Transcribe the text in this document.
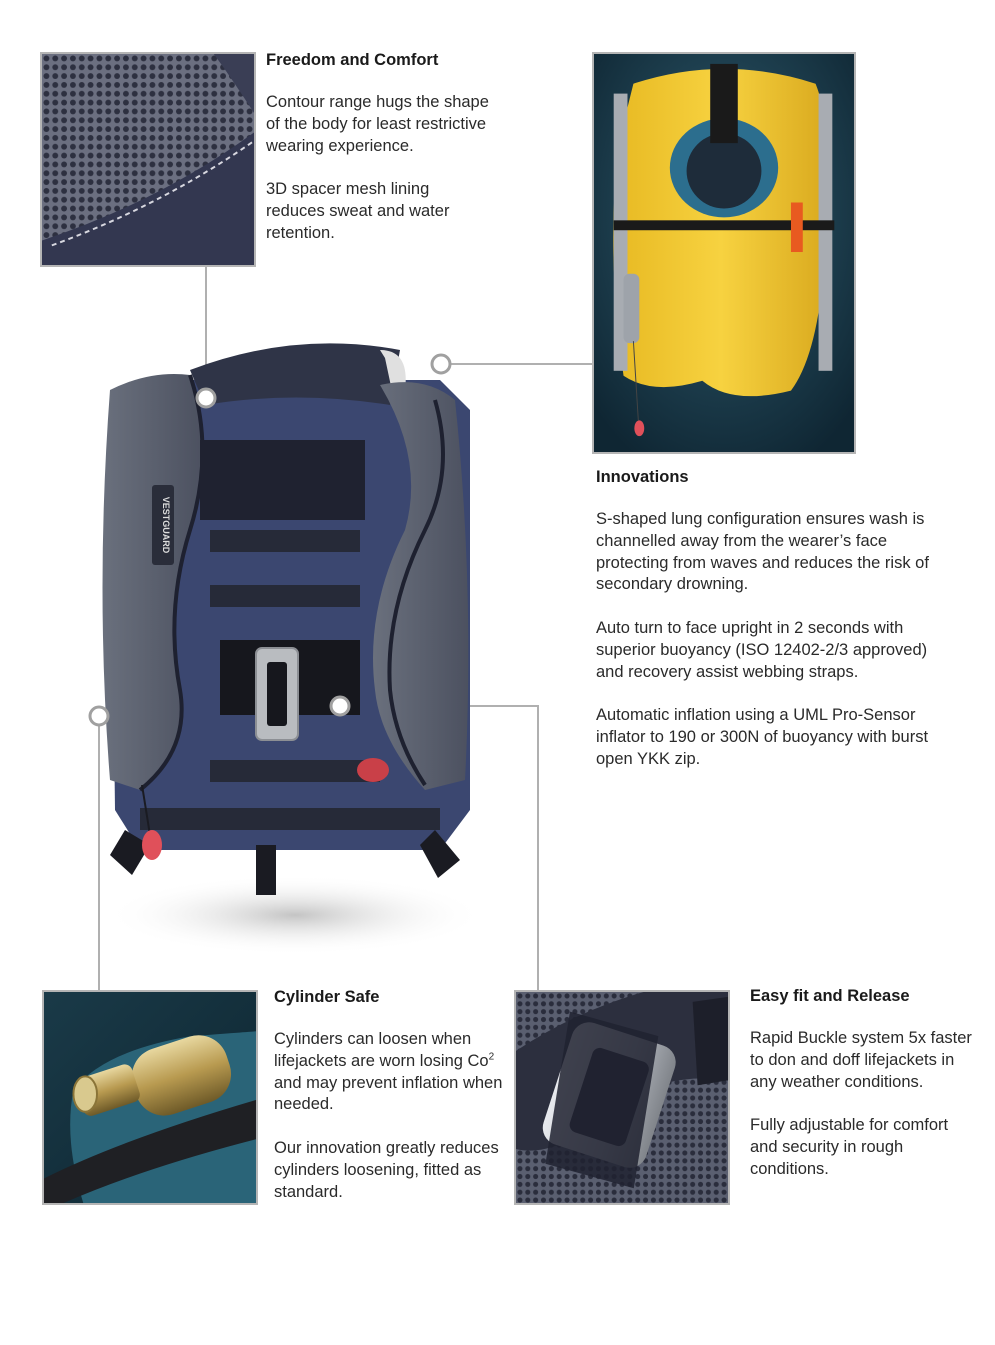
VESTGUARD
Freedom and Comfort

Contour range hugs the shape of the body for least restrictive wearing experience.

3D spacer mesh lining reduces sweat and water retention.

Innovations

S-shaped lung configuration ensures wash is channelled away from the wearer’s face protecting from waves and reduces the risk of secondary drowning.

Auto turn to face upright in 2 seconds with superior buoyancy (ISO 12402-2/3 approved) and recovery assist webbing straps.

Automatic inflation using a UML Pro-Sensor inflator to 190 or 300N of buoyancy with burst open YKK zip.

Cylinder Safe

Cylinders can loosen when lifejackets are worn losing Co$^2$ and may prevent inflation when needed.

Our innovation greatly reduces cylinders loosening, fitted as standard.

Easy fit and Release

Rapid Buckle system 5x faster to don and doff lifejackets in any weather conditions.

Fully adjustable for comfort and security in rough conditions.
